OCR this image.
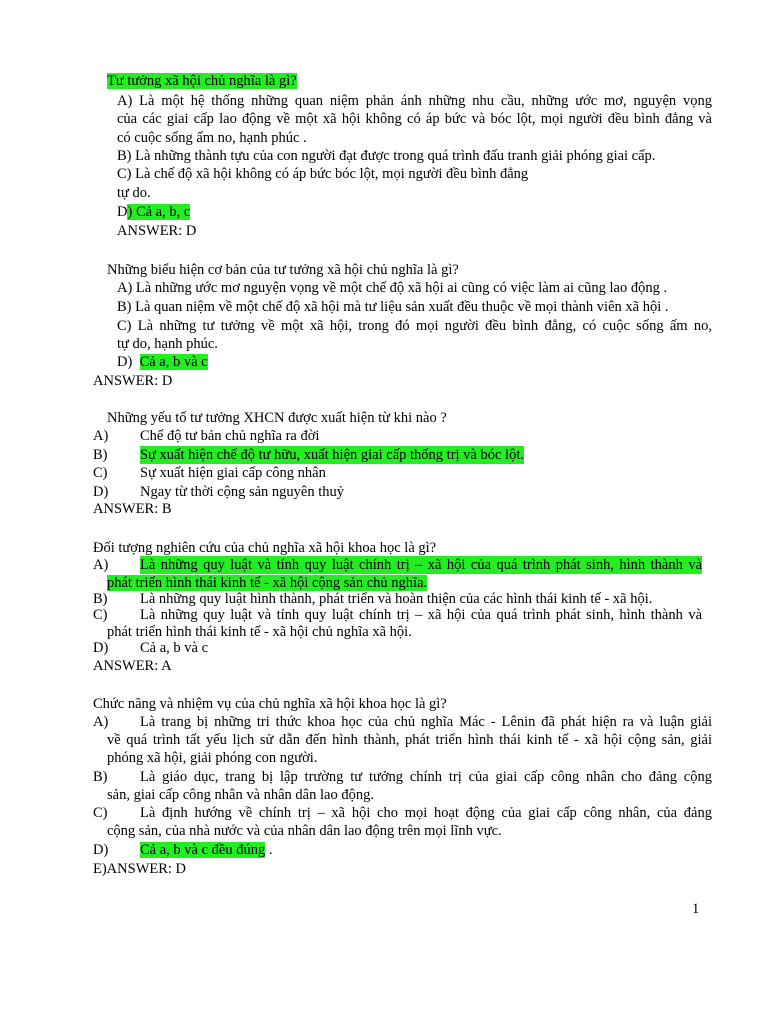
Tư tưởng xã hội chủ nghĩa là gì?
A) Là một hệ thống những quan niệm phản ánh những nhu cầu, những ước mơ, nguyện vọng
của các giai cấp lao động về một xã hội không có áp bức và bóc lột, mọi người đều bình đẳng và
có cuộc sống ấm no, hạnh phúc .
B) Là những thành tựu của con người đạt được trong quá trình đấu tranh giải phóng giai cấp.
C) Là chế độ xã hội không có áp bức bóc lột, mọi người đều bình đẳng
tự do.
D) Cả a, b, c
ANSWER: D
Những biểu hiện cơ bản của tư tưởng xã hội chủ nghĩa là gì?
A) Là những ước mơ nguyện vọng về một chế độ xã hội ai cũng có việc làm ai cũng lao động .
B) Là quan niệm về một chế độ xã hội mà tư liệu sản xuất đều thuộc về mọi thành viên xã hội .
C) Là những tư tưởng về một xã hội, trong đó mọi người đều bình đẳng, có cuộc sống ấm no,
tự do, hạnh phúc.
D)  Cả a, b và c
ANSWER: D
Những yếu tố tư tưởng XHCN được xuất hiện từ khi nào ?
A) Chế độ tư bản chủ nghĩa ra đời
B) Sự xuất hiện chế độ tư hữu, xuất hiện giai cấp thống trị và bóc lột.
C) Sự xuất hiện giai cấp công nhân
D) Ngay từ thời cộng sản nguyên thuỷ
ANSWER: B
Đối tượng nghiên cứu của chủ nghĩa xã hội khoa học là gì?
A) Là những quy luật và tính quy luật chính trị – xã hội của quá trình phát sinh, hình thành và
phát triển hình thái kinh tế - xã hội cộng sản chủ nghĩa.
B) Là những quy luật hình thành, phát triển và hoàn thiện của các hình thái kinh tế - xã hội.
C) Là những quy luật và tính quy luật chính trị – xã hội của quá trình phát sinh, hình thành và
phát triển hình thái kinh tế - xã hội chủ nghĩa xã hội.
D) Cả a, b và c
ANSWER: A
Chức năng và nhiệm vụ của chủ nghĩa xã hội khoa học là gì?
A) Là trang bị những tri thức khoa học của chủ nghĩa Mác - Lênin đã phát hiện ra và luận giải
về quá trình tất yếu lịch sử dẫn đến hình thành, phát triển hình thái kinh tế - xã hội cộng sản, giải
phóng xã hội, giải phóng con người.
B) Là giáo dục, trang bị lập trường tư tưởng chính trị của giai cấp công nhân cho đảng cộng
sản, giai cấp công nhân và nhân dân lao động.
C) Là định hướng về chính trị – xã hội cho mọi hoạt động của giai cấp công nhân, của đảng
cộng sản, của nhà nước và của nhân dân lao động trên mọi lĩnh vực.
D) Cả a, b và c đều đúng .
E)ANSWER: D
1
